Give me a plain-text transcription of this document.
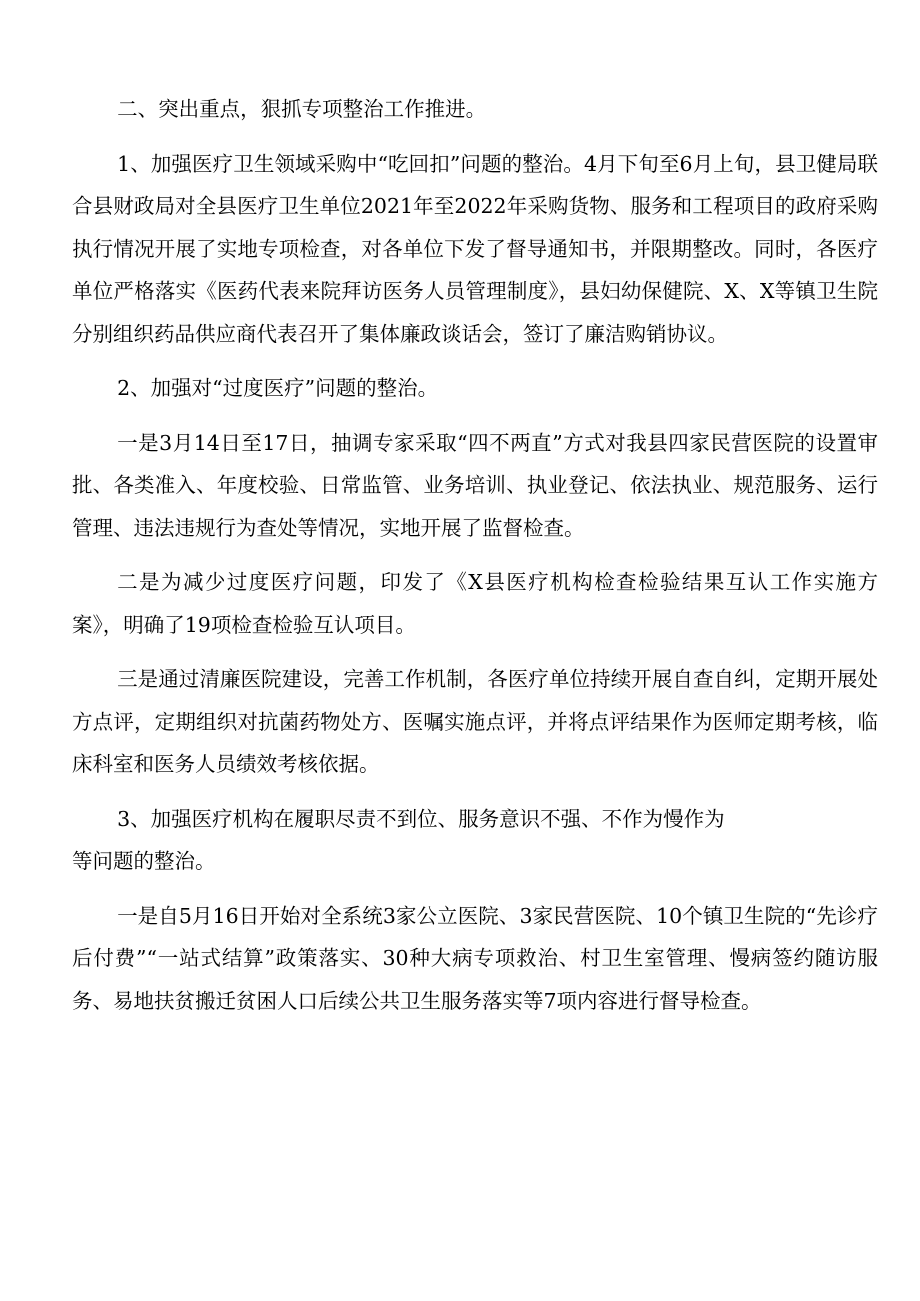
二、突出重点，狠抓专项整治工作推进。

1、加强医疗卫生领域采购中“吃回扣”问题的整治。4月下旬至6月上旬，县卫健局联合县财政局对全县医疗卫生单位2021年至2022年采购货物、服务和工程项目的政府采购执行情况开展了实地专项检查，对各单位下发了督导通知书，并限期整改。同时，各医疗单位严格落实《医药代表来院拜访医务人员管理制度》，县妇幼保健院、X、X等镇卫生院分别组织药品供应商代表召开了集体廉政谈话会，签订了廉洁购销协议。

2、加强对“过度医疗”问题的整治。

一是3月14日至17日，抽调专家采取“四不两直”方式对我县四家民营医院的设置审批、各类准入、年度校验、日常监管、业务培训、执业登记、依法执业、规范服务、运行管理、违法违规行为查处等情况，实地开展了监督检查。

二是为减少过度医疗问题，印发了《X县医疗机构检查检验结果互认工作实施方案》，明确了19项检查检验互认项目。

三是通过清廉医院建设，完善工作机制，各医疗单位持续开展自查自纠，定期开展处方点评，定期组织对抗菌药物处方、医嘱实施点评，并将点评结果作为医师定期考核，临床科室和医务人员绩效考核依据。

3、加强医疗机构在履职尽责不到位、服务意识不强、不作为慢作为

等问题的整治。

一是自5月16日开始对全系统3家公立医院、3家民营医院、10个镇卫生院的“先诊疗后付费”“一站式结算”政策落实、30种大病专项救治、村卫生室管理、慢病签约随访服务、易地扶贫搬迁贫困人口后续公共卫生服务落实等7项内容进行督导检查。
